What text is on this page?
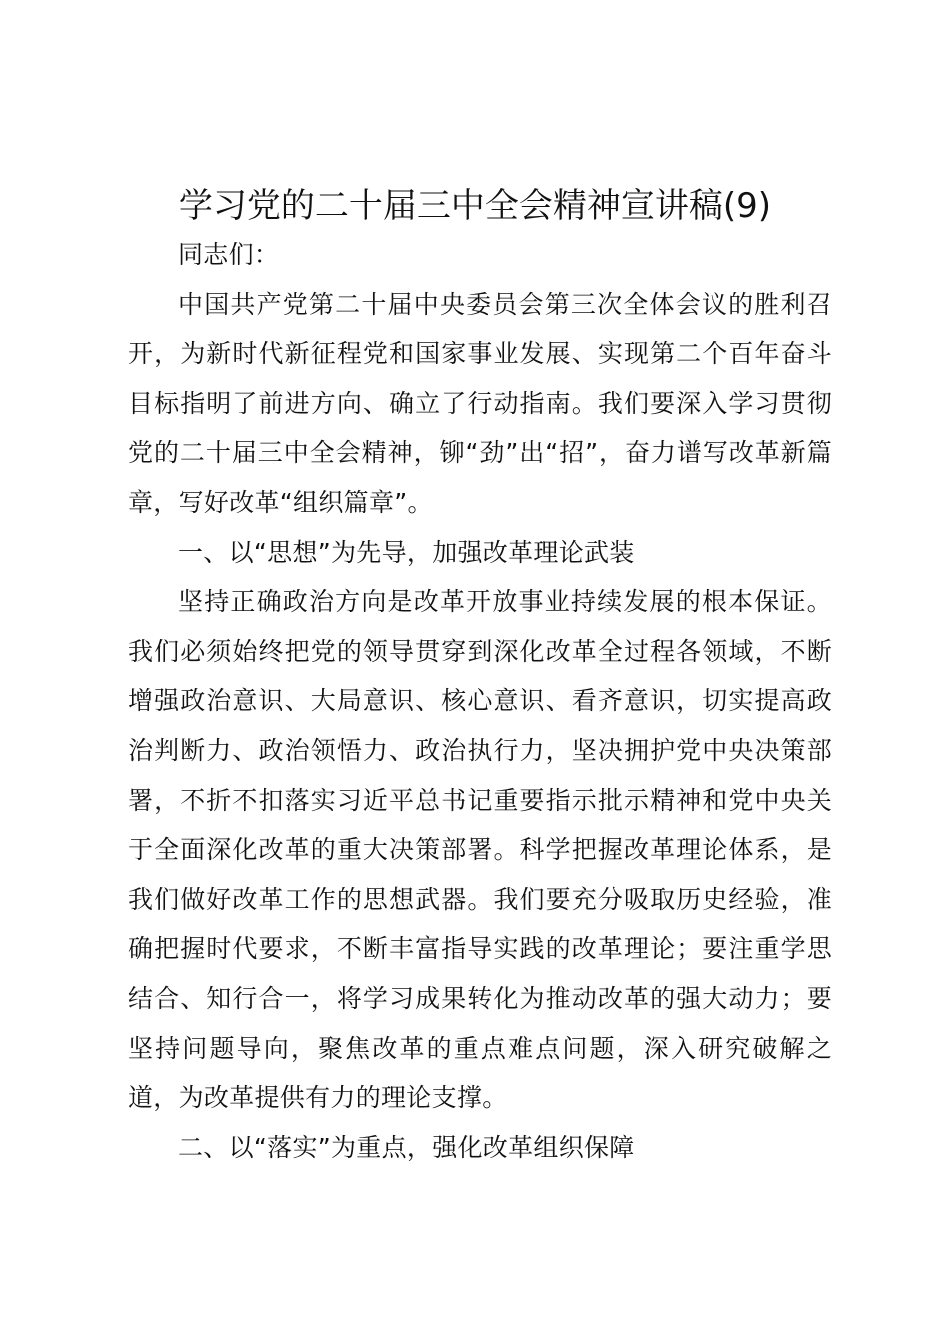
学习党的二十届三中全会精神宣讲稿(9)

同志们：

中国共产党第二十届中央委员会第三次全体会议的胜利召开，为新时代新征程党和国家事业发展、实现第二个百年奋斗目标指明了前进方向、确立了行动指南。我们要深入学习贯彻党的二十届三中全会精神，铆“劲”出“招”，奋力谱写改革新篇章，写好改革“组织篇章”。

一、以“思想”为先导，加强改革理论武装

坚持正确政治方向是改革开放事业持续发展的根本保证。我们必须始终把党的领导贯穿到深化改革全过程各领域，不断增强政治意识、大局意识、核心意识、看齐意识，切实提高政治判断力、政治领悟力、政治执行力，坚决拥护党中央决策部署，不折不扣落实习近平总书记重要指示批示精神和党中央关于全面深化改革的重大决策部署。科学把握改革理论体系，是我们做好改革工作的思想武器。我们要充分吸取历史经验，准确把握时代要求，不断丰富指导实践的改革理论；要注重学思结合、知行合一，将学习成果转化为推动改革的强大动力；要坚持问题导向，聚焦改革的重点难点问题，深入研究破解之道，为改革提供有力的理论支撑。

二、以“落实”为重点，强化改革组织保障
